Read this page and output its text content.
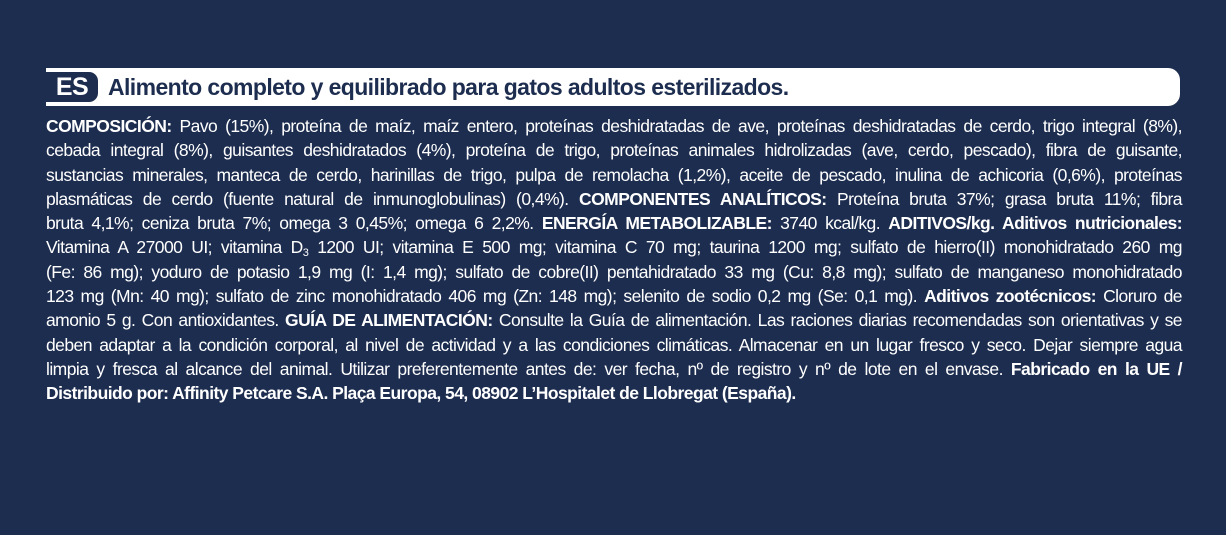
ES Alimento completo y equilibrado para gatos adultos esterilizados.
COMPOSICIÓN: Pavo (15%), proteína de maíz, maíz entero, proteínas deshidratadas de ave, proteínas deshidratadas de cerdo, trigo integral (8%),
cebada integral (8%), guisantes deshidratados (4%), proteína de trigo, proteínas animales hidrolizadas (ave, cerdo, pescado), fibra de guisante,
sustancias minerales, manteca de cerdo, harinillas de trigo, pulpa de remolacha (1,2%), aceite de pescado, inulina de achicoria (0,6%), proteínas
plasmáticas de cerdo (fuente natural de inmunoglobulinas) (0,4%). COMPONENTES ANALÍTICOS: Proteína bruta 37%; grasa bruta 11%; fibra
bruta 4,1%; ceniza bruta 7%; omega 3 0,45%; omega 6 2,2%. ENERGÍA METABOLIZABLE: 3740 kcal/kg. ADITIVOS/kg. Aditivos nutricionales:
Vitamina A 27000 UI; vitamina $D_3$ 1200 UI; vitamina E 500 mg; vitamina C 70 mg; taurina 1200 mg; sulfato de hierro(II) monohidratado 260 mg
(Fe: 86 mg); yoduro de potasio 1,9 mg (I: 1,4 mg); sulfato de cobre(II) pentahidratado 33 mg (Cu: 8,8 mg); sulfato de manganeso monohidratado
123 mg (Mn: 40 mg); sulfato de zinc monohidratado 406 mg (Zn: 148 mg); selenito de sodio 0,2 mg (Se: 0,1 mg). Aditivos zootécnicos: Cloruro de
amonio 5 g. Con antioxidantes. GUÍA DE ALIMENTACIÓN: Consulte la Guía de alimentación. Las raciones diarias recomendadas son orientativas y se
deben adaptar a la condición corporal, al nivel de actividad y a las condiciones climáticas. Almacenar en un lugar fresco y seco. Dejar siempre agua
limpia y fresca al alcance del animal. Utilizar preferentemente antes de: ver fecha, nº de registro y nº de lote en el envase. Fabricado en la UE /
Distribuido por: Affinity Petcare S.A. Plaça Europa, 54, 08902 L’Hospitalet de Llobregat (España).
